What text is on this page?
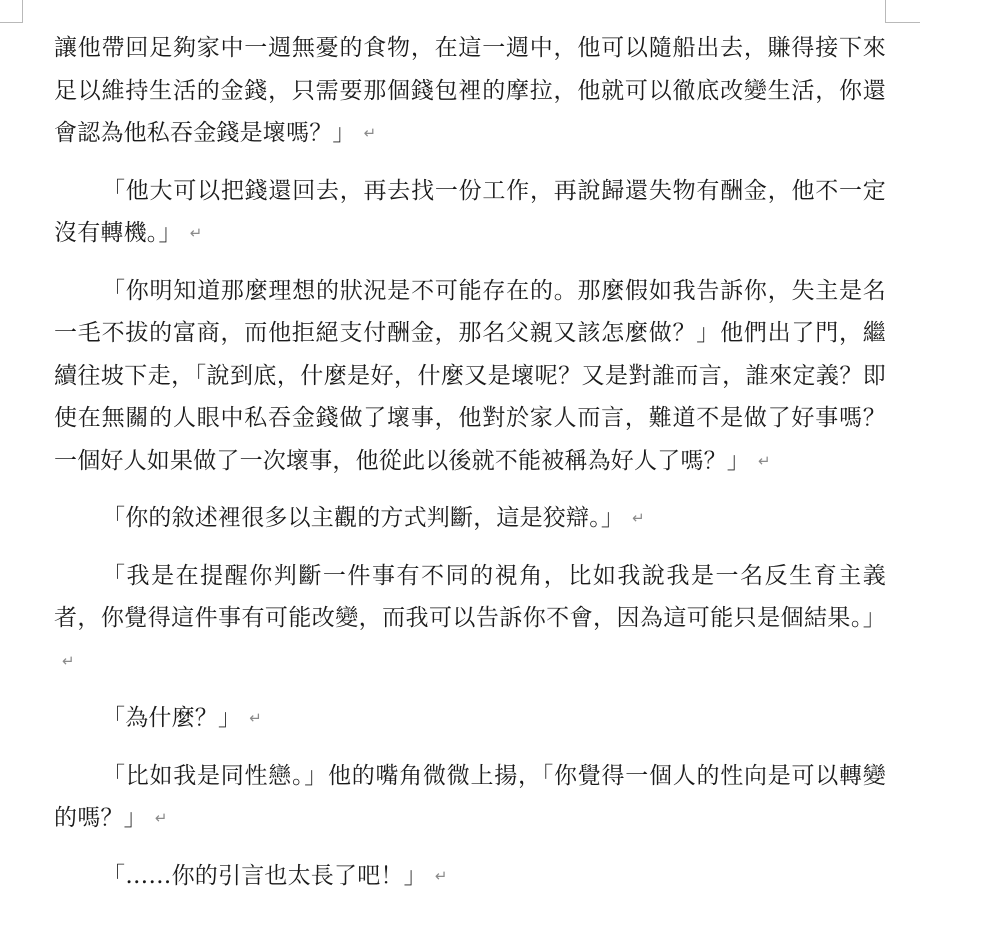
讓他帶回足夠家中一週無憂的食物，在這一週中，他可以隨船出去，賺得接下來足以維持生活的金錢，只需要那個錢包裡的摩拉，他就可以徹底改變生活，你還會認為他私吞金錢是壞嗎？」 ↵

「他大可以把錢還回去，再去找一份工作，再說歸還失物有酬金，他不一定沒有轉機。」 ↵

「你明知道那麼理想的狀況是不可能存在的。那麼假如我告訴你，失主是名一毛不拔的富商，而他拒絕支付酬金，那名父親又該怎麼做？」他們出了門，繼續往坡下走，「說到底，什麼是好，什麼又是壞呢？又是對誰而言，誰來定義？即使在無關的人眼中私吞金錢做了壞事，他對於家人而言，難道不是做了好事嗎？一個好人如果做了一次壞事，他從此以後就不能被稱為好人了嗎？」 ↵

「你的敘述裡很多以主觀的方式判斷，這是狡辯。」 ↵

「我是在提醒你判斷一件事有不同的視角，比如我說我是一名反生育主義者，你覺得這件事有可能改變，而我可以告訴你不會，因為這可能只是個結果。」↵

「為什麼？」 ↵

「比如我是同性戀。」他的嘴角微微上揚，「你覺得一個人的性向是可以轉變的嗎？」 ↵

「……你的引言也太長了吧！」 ↵
